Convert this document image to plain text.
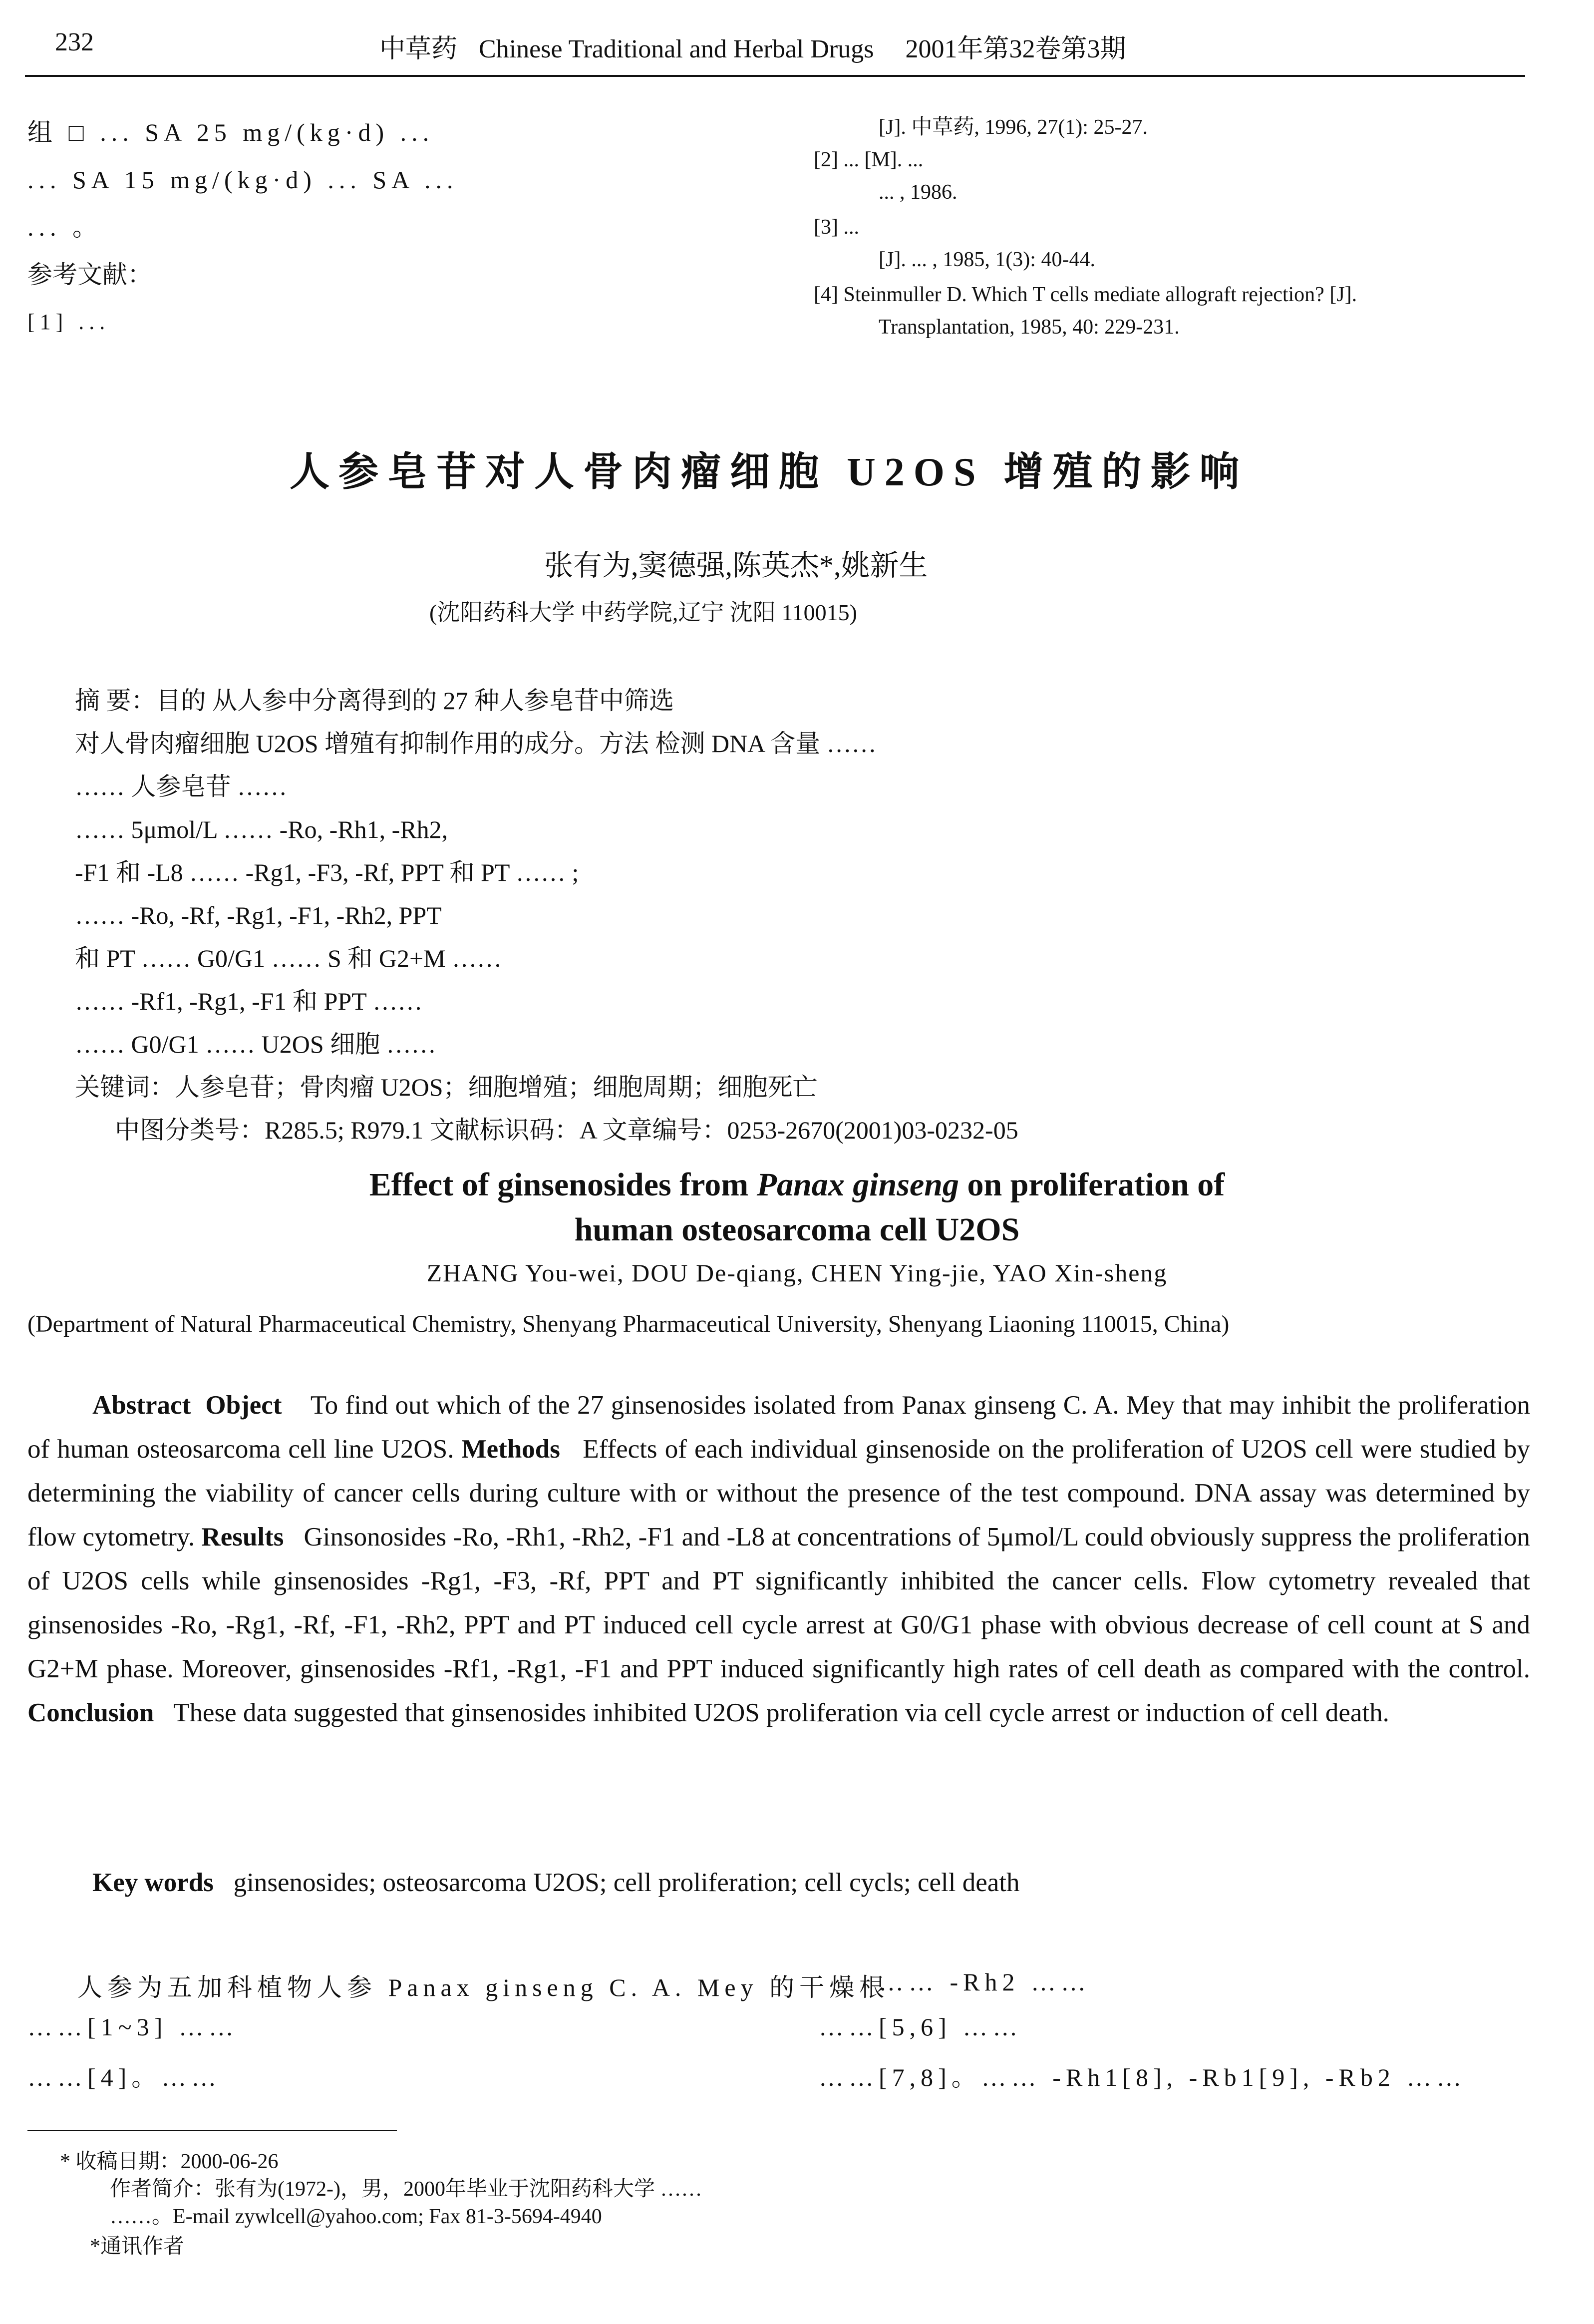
232	中草药 Chinese Traditional and Herbal Drugs 2001年第32卷第3期
组 □ ... SA 25 mg/(kg·d) ...
... SA 15 mg/(kg·d) ... SA ...
... 。
参考文献：
[1] ...
[J]. 中草药, 1996, 27(1): 25-27.
[2] ... [M]. ...
... , 1986.
[3] ...
[J]. ... , 1985, 1(3): 40-44.
[4] Steinmuller D. Which T cells mediate allograft rejection? [J].
Transplantation, 1985, 40: 229-231.
人参皂苷对人骨肉瘤细胞 U2OS 增殖的影响
张有为,窦德强,陈英杰*,姚新生
(沈阳药科大学 中药学院,辽宁 沈阳 110015)
摘 要：目的 从人参中分离得到的 27 种人参皂苷中筛选
对人骨肉瘤细胞 U2OS 增殖有抑制作用的成分。方法 检测 DNA 含量 ……
…… 人参皂苷 ……
…… 5μmol/L …… -Ro, -Rh1, -Rh2,
-F1 和 -L8 …… -Rg1, -F3, -Rf, PPT 和 PT …… ;
…… -Ro, -Rf, -Rg1, -F1, -Rh2, PPT
和 PT …… G0/G1 …… S 和 G2+M ……
…… -Rf1, -Rg1, -F1 和 PPT ……
…… G0/G1 …… U2OS 细胞 ……
关键词：人参皂苷；骨肉瘤 U2OS；细胞增殖；细胞周期；细胞死亡
中图分类号：R285.5; R979.1 文献标识码：A 文章编号：0253-2670(2001)03-0232-05
Effect of ginsenosides from Panax ginseng on proliferation of
human osteosarcoma cell U2OS
ZHANG You-wei, DOU De-qiang, CHEN Ying-jie, YAO Xin-sheng
(Department of Natural Pharmaceutical Chemistry, Shenyang Pharmaceutical University, Shenyang Liaoning 110015, China)
Abstract Object To find out which of the 27 ginsenosides isolated from Panax ginseng C. A. Mey that may inhibit the proliferation of human osteosarcoma cell line U2OS. Methods Effects of each individual ginsenoside on the proliferation of U2OS cell were studied by determining the viability of cancer cells during culture with or without the presence of the test compound. DNA assay was determined by flow cytometry. Results Ginsonosides -Ro, -Rh1, -Rh2, -F1 and -L8 at concentrations of 5μmol/L could obviously suppress the proliferation of U2OS cells while ginsenosides -Rg1, -F3, -Rf, PPT and PT significantly inhibited the cancer cells. Flow cytometry revealed that ginsenosides -Ro, -Rg1, -Rf, -F1, -Rh2, PPT and PT induced cell cycle arrest at G0/G1 phase with obvious decrease of cell count at S and G2+M phase. Moreover, ginsenosides -Rf1, -Rg1, -F1 and PPT induced significantly high rates of cell death as compared with the control. Conclusion These data suggested that ginsenosides inhibited U2OS proliferation via cell cycle arrest or induction of cell death.
Key words ginsenosides; osteosarcoma U2OS; cell proliferation; cell cycls; cell death
人参为五加科植物人参 Panax ginseng C. A. Mey 的干燥根
……[1~3] ……
……[4]。……
…… -Rh2 ……
……[5,6] ……
……[7,8]。…… -Rh1[8], -Rb1[9], -Rb2 ……
* 收稿日期：2000-06-26
作者简介：张有为(1972-)，男，2000年毕业于沈阳药科大学 ……
……。E-mail zywlcell@yahoo.com; Fax 81-3-5694-4940
*通讯作者
